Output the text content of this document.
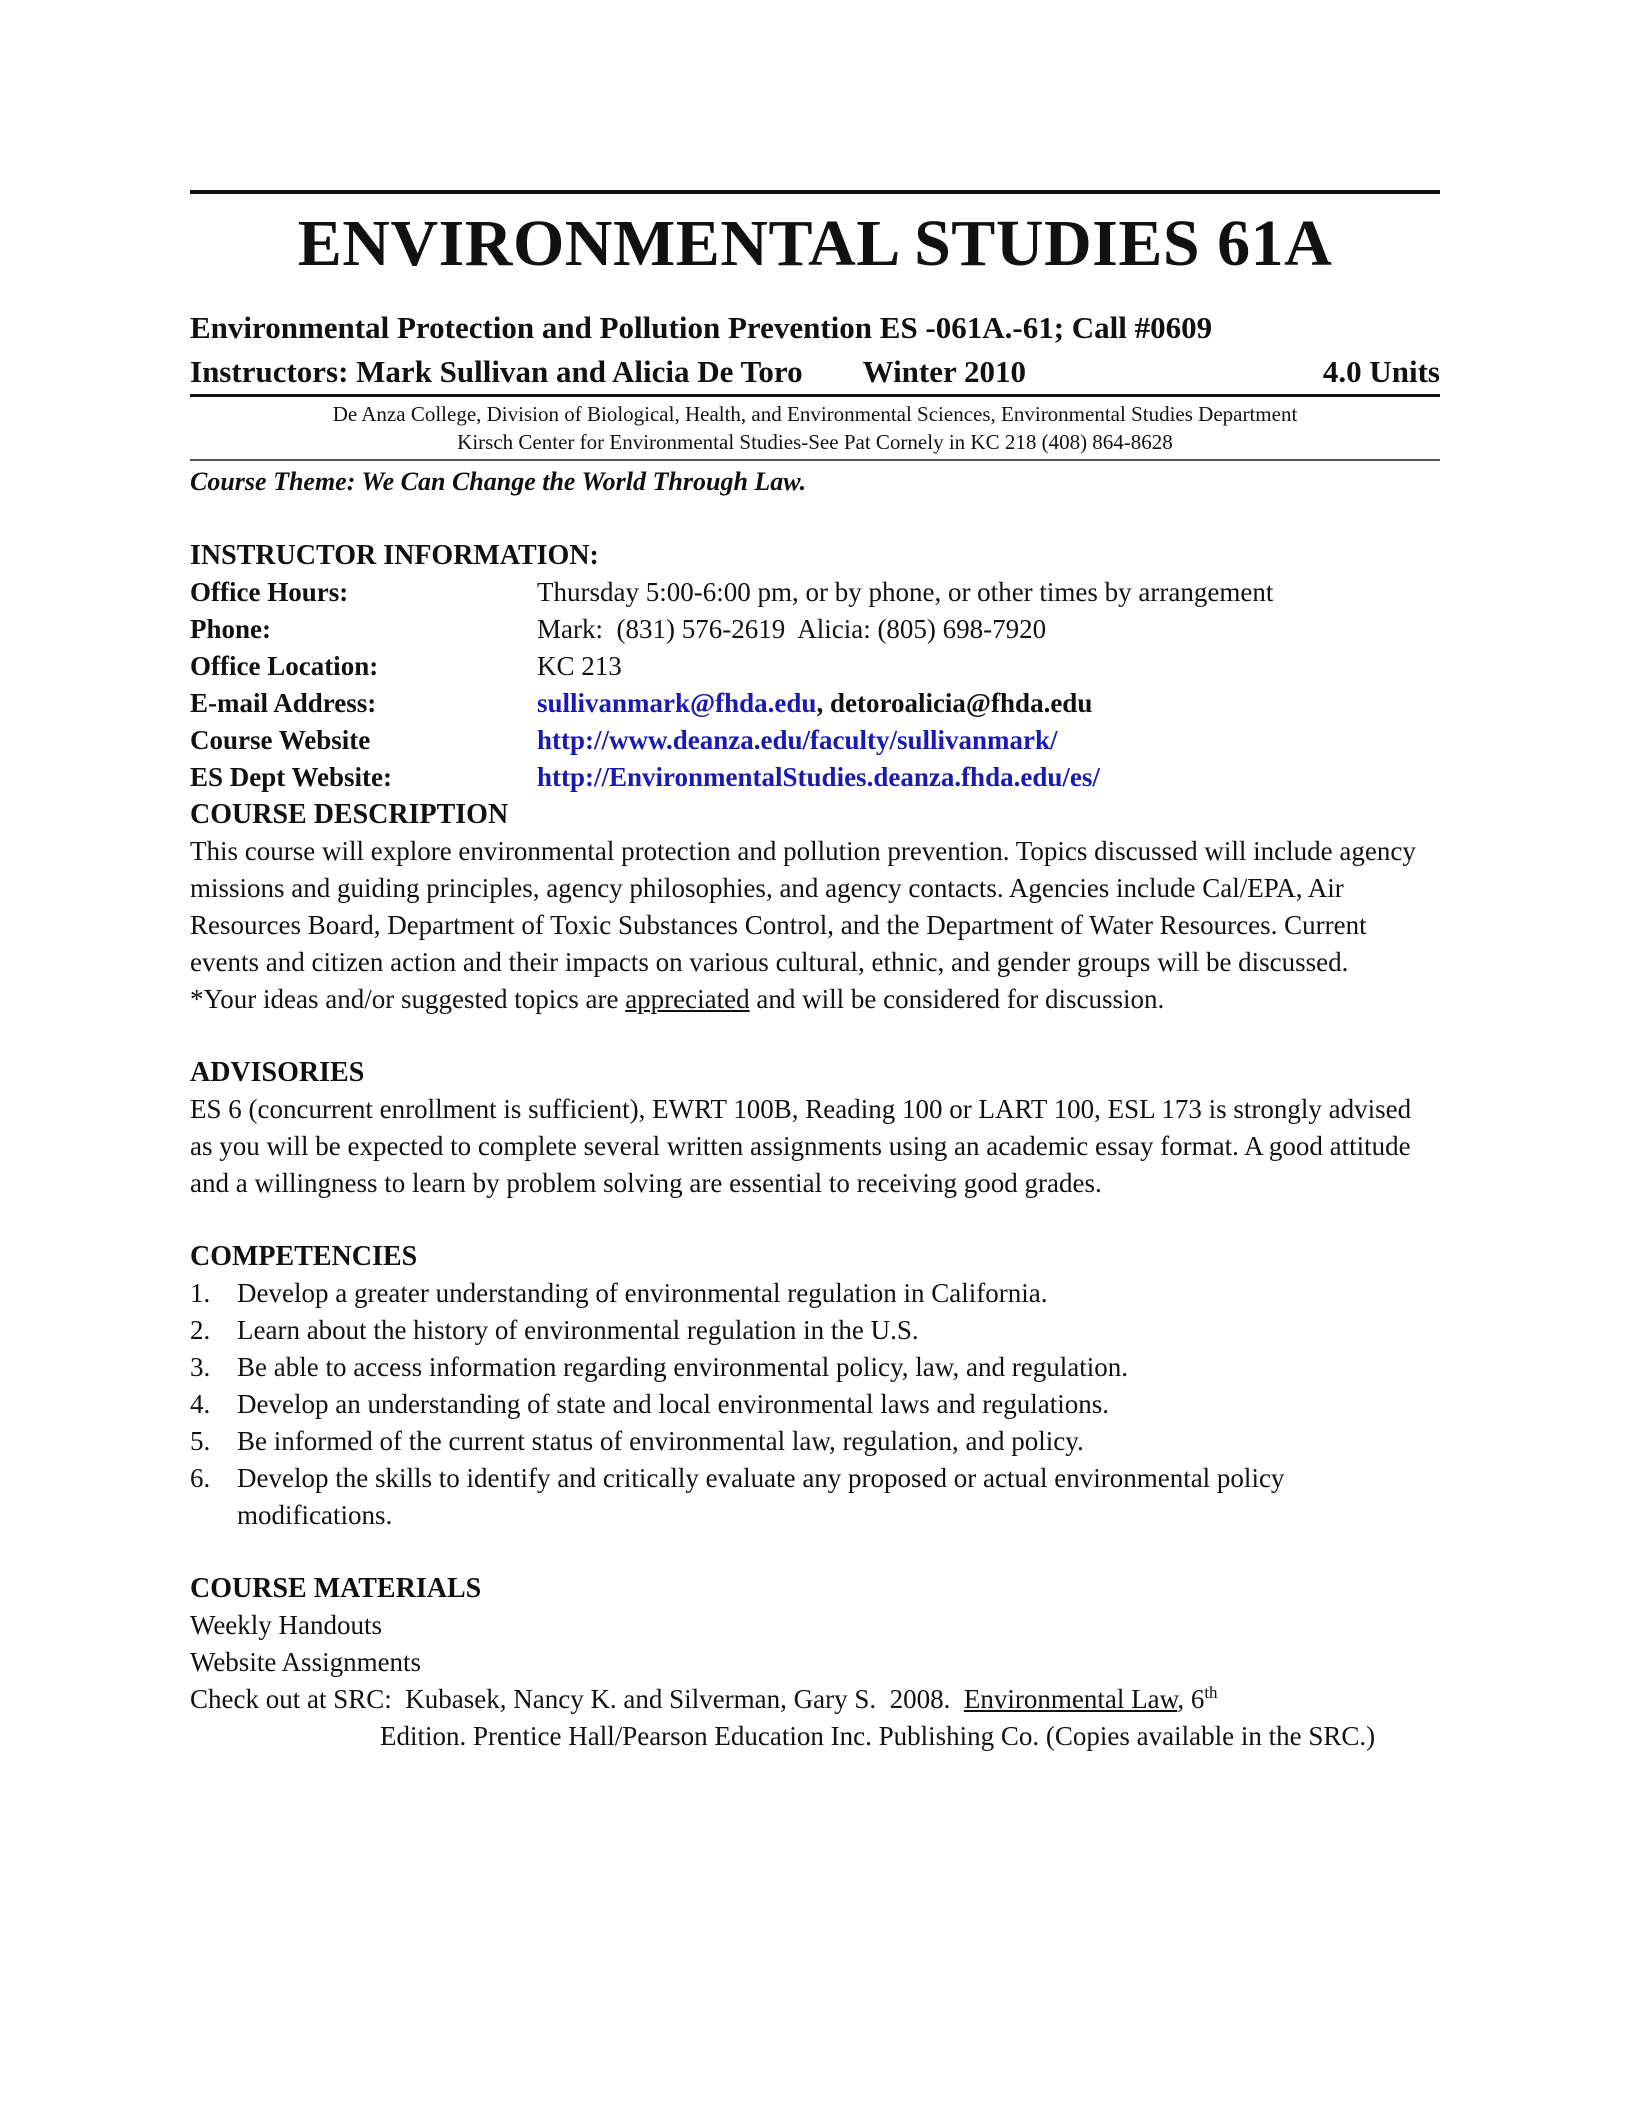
ENVIRONMENTAL STUDIES 61A
Environmental Protection and Pollution Prevention ES -061A.-61; Call #0609
Instructors: Mark Sullivan and Alicia De Toro Winter 2010	4.0 Units
De Anza College, Division of Biological, Health, and Environmental Sciences, Environmental Studies Department
Kirsch Center for Environmental Studies-See Pat Cornely in KC 218 (408) 864-8628
Course Theme: We Can Change the World Through Law.
INSTRUCTOR INFORMATION:
Office Hours:	Thursday 5:00-6:00 pm, or by phone, or other times by arrangement
Phone:	Mark:  (831) 576-2619  Alicia: (805) 698-7920
Office Location:	KC 213
E-mail Address:	sullivanmark@fhda.edu, detoroalicia@fhda.edu
Course Website	http://www.deanza.edu/faculty/sullivanmark/
ES Dept Website:	http://EnvironmentalStudies.deanza.fhda.edu/es/
COURSE DESCRIPTION
This course will explore environmental protection and pollution prevention. Topics discussed will include agency missions and guiding principles, agency philosophies, and agency contacts. Agencies include Cal/EPA, Air Resources Board, Department of Toxic Substances Control, and the Department of Water Resources. Current events and citizen action and their impacts on various cultural, ethnic, and gender groups will be discussed.
*Your ideas and/or suggested topics are appreciated and will be considered for discussion.
ADVISORIES
ES 6 (concurrent enrollment is sufficient), EWRT 100B, Reading 100 or LART 100, ESL 173 is strongly advised as you will be expected to complete several written assignments using an academic essay format. A good attitude and a willingness to learn by problem solving are essential to receiving good grades.
COMPETENCIES
1. Develop a greater understanding of environmental regulation in California.
2. Learn about the history of environmental regulation in the U.S.
3. Be able to access information regarding environmental policy, law, and regulation.
4. Develop an understanding of state and local environmental laws and regulations.
5. Be informed of the current status of environmental law, regulation, and policy.
6. Develop the skills to identify and critically evaluate any proposed or actual environmental policy modifications.
COURSE MATERIALS
Weekly Handouts
Website Assignments
Check out at SRC:  Kubasek, Nancy K. and Silverman, Gary S.  2008.  Environmental Law, 6th
Edition. Prentice Hall/Pearson Education Inc. Publishing Co. (Copies available in the SRC.)
